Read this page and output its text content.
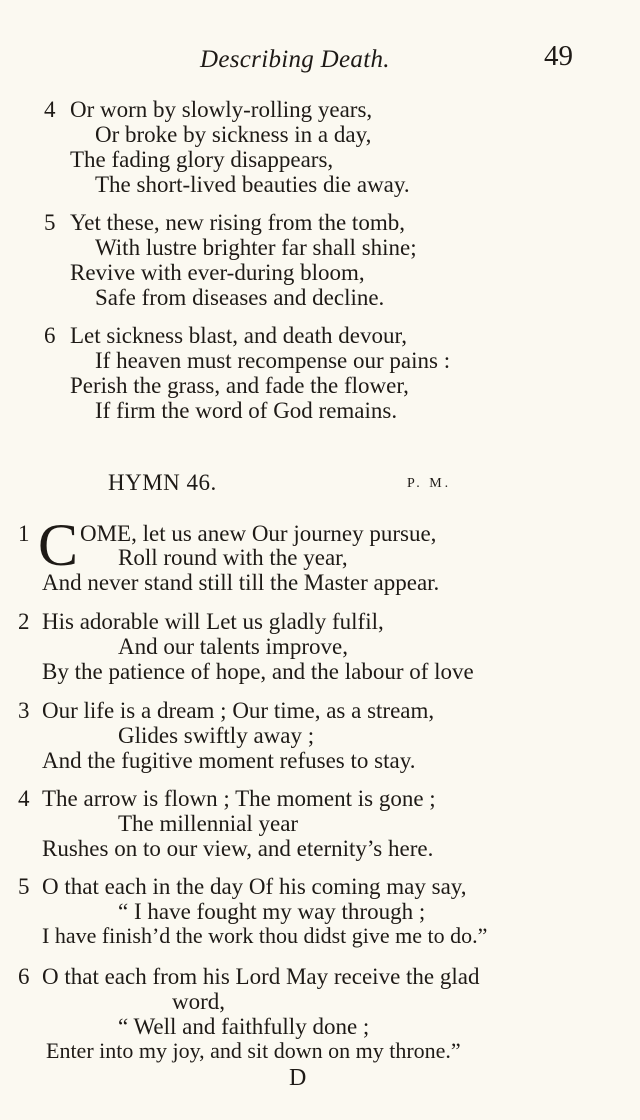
Describing Death.	49
4 Or worn by slowly-rolling years,
Or broke by sickness in a day,
The fading glory disappears,
The short-lived beauties die away.
5 Yet these, new rising from the tomb,
With lustre brighter far shall shine;
Revive with ever-during bloom,
Safe from diseases and decline.
6 Let sickness blast, and death devour,
If heaven must recompense our pains :
Perish the grass, and fade the flower,
If firm the word of God remains.
HYMN 46.	P. M.
1 C OME, let us anew Our journey pursue,
Roll round with the year,
And never stand still till the Master appear.
2 His adorable will Let us gladly fulfil,
And our talents improve,
By the patience of hope, and the labour of love
3 Our life is a dream ; Our time, as a stream,
Glides swiftly away ;
And the fugitive moment refuses to stay.
4 The arrow is flown ; The moment is gone ;
The millennial year
Rushes on to our view, and eternity’s here.
5 O that each in the day Of his coming may say,
“ I have fought my way through ;
I have finish’d the work thou didst give me to do.”
6 O that each from his Lord May receive the glad
word,
“ Well and faithfully done ;
Enter into my joy, and sit down on my throne.”
D
